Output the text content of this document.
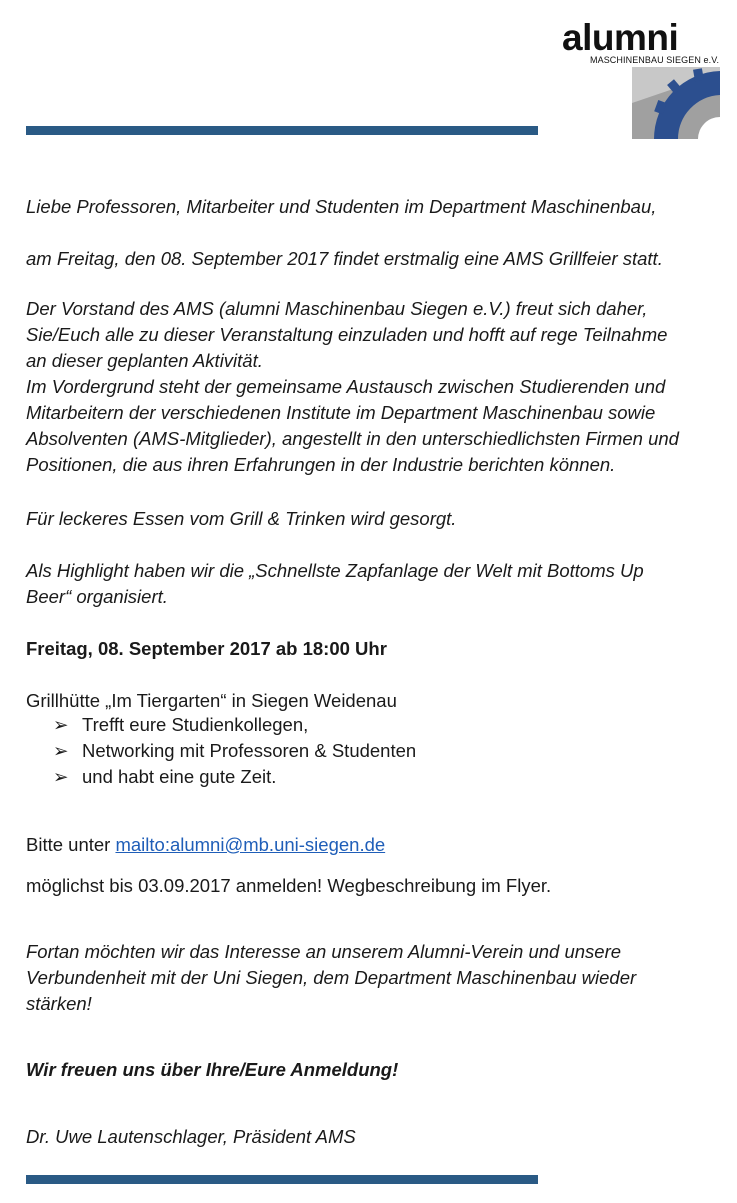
alumni
MASCHINENBAU SIEGEN e.V.

Liebe Professoren, Mitarbeiter und Studenten im Department Maschinenbau,

am Freitag, den 08. September 2017 findet erstmalig eine AMS Grillfeier statt.

Der Vorstand des AMS (alumni Maschinenbau Siegen e.V.) freut sich daher,

Sie/Euch alle zu dieser Veranstaltung einzuladen und hofft auf rege Teilnahme

an dieser geplanten Aktivität.

Im Vordergrund steht der gemeinsame Austausch zwischen Studierenden und

Mitarbeitern der verschiedenen Institute im Department Maschinenbau sowie

Absolventen (AMS-Mitglieder), angestellt in den unterschiedlichsten Firmen und

Positionen, die aus ihren Erfahrungen in der Industrie berichten können.

Für leckeres Essen vom Grill & Trinken wird gesorgt.

Als Highlight haben wir die „Schnellste Zapfanlage der Welt mit Bottoms Up

Beer“ organisiert.

Freitag, 08. September 2017 ab 18:00 Uhr

Grillhütte „Im Tiergarten“ in Siegen Weidenau

➢ Trefft eure Studienkollegen,
➢ Networking mit Professoren & Studenten
➢ und habt eine gute Zeit.

Bitte unter mailto:alumni@mb.uni-siegen.de

möglichst bis 03.09.2017 anmelden! Wegbeschreibung im Flyer.

Fortan möchten wir das Interesse an unserem Alumni-Verein und unsere

Verbundenheit mit der Uni Siegen, dem Department Maschinenbau wieder

stärken!

Wir freuen uns über Ihre/Eure Anmeldung!

Dr. Uwe Lautenschlager, Präsident AMS
